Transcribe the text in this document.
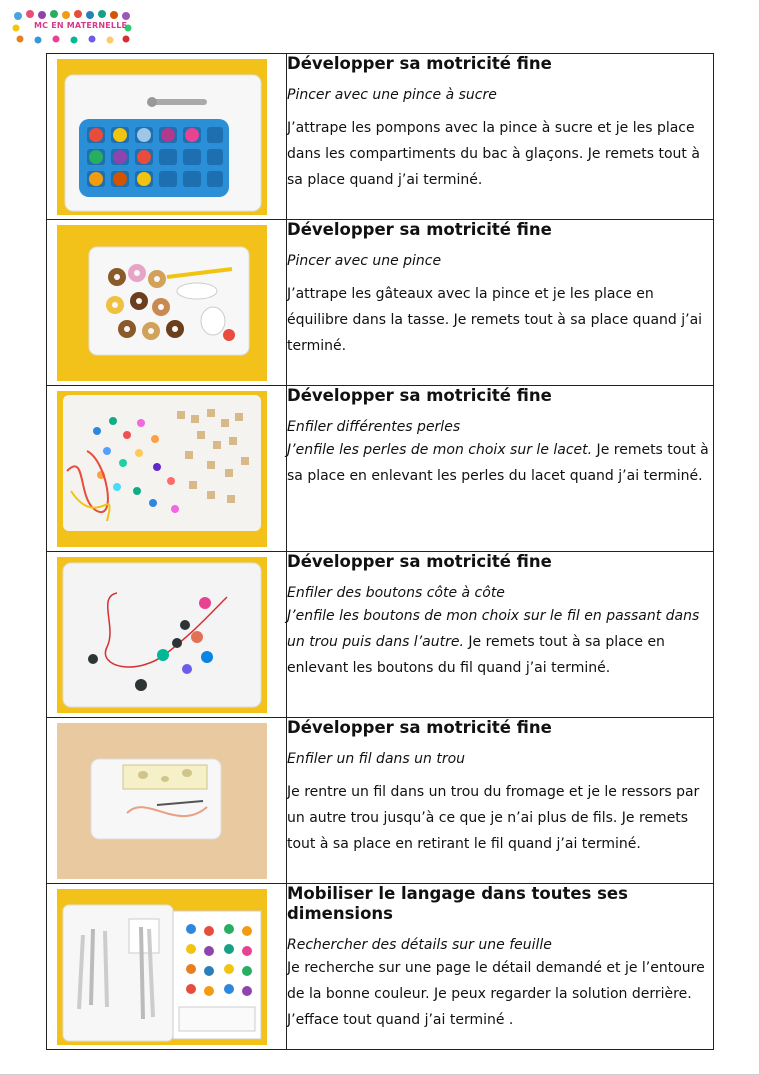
MC EN MATERNELLE

Développer sa motricité fine
Pincer avec une pince à sucre

J’attrape les pompons avec la pince à sucre et je les place dans les compartiments du bac à glaçons. Je remets tout à sa place quand j’ai terminé.

Développer sa motricité fine
Pincer avec une pince

J’attrape les gâteaux avec la pince et je les place en équilibre dans la tasse. Je remets tout à sa place quand j’ai terminé.

Développer sa motricité fine
Enfiler différentes perles

J’enfile les perles de mon choix sur le lacet. Je remets tout à sa place en enlevant les perles du lacet quand j’ai terminé.

Développer sa motricité fine
Enfiler des boutons côte à côte

J’enfile les boutons de mon choix sur le fil en passant dans un trou puis dans l’autre. Je remets tout à sa place en enlevant les boutons du fil quand j’ai terminé.

Développer sa motricité fine
Enfiler un fil dans un trou

Je rentre un fil dans un trou du fromage et je le ressors par un autre trou jusqu’à ce que je n’ai plus de fils. Je remets tout à sa place en retirant le fil quand j’ai terminé.

Mobiliser le langage dans toutes ses dimensions
Rechercher des détails sur une feuille

Je recherche sur une page le détail demandé et je l’entoure de la bonne couleur. Je peux regarder la solution derrière. J’efface tout quand j’ai terminé .
